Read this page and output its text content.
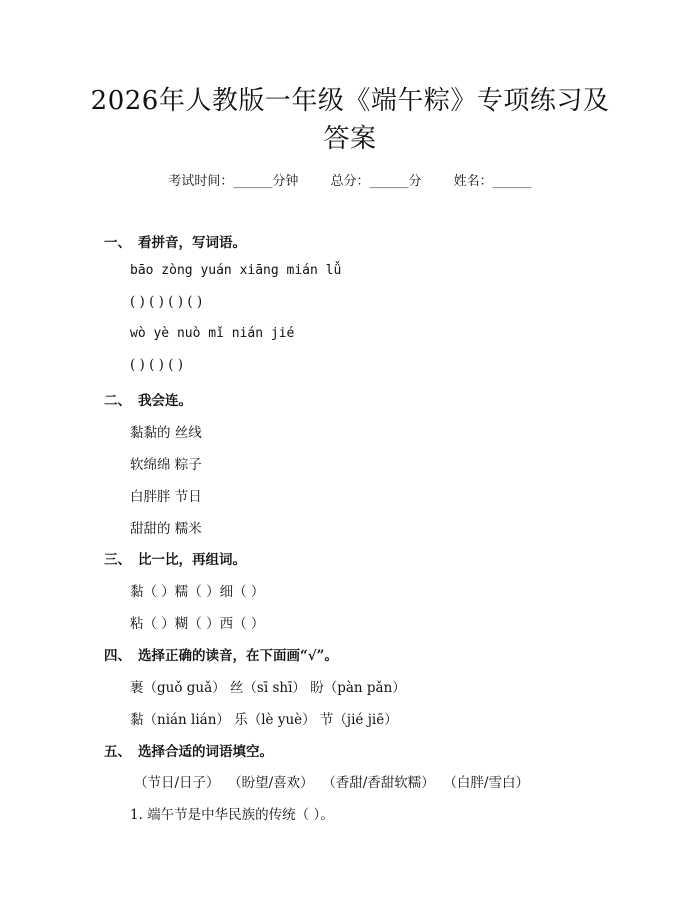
2026年人教版一年级《端午粽》专项练习及
答案
考试时间：______分钟 总分：______分 姓名：______
一、 看拼音，写词语。
bāo zòng yuán xiāng mián lǚ
( ) ( ) ( ) ( )
wò yè nuò mǐ nián jié
( ) ( ) ( )
二、 我会连。
黏黏的 丝线
软绵绵 粽子
白胖胖 节日
甜甜的 糯米
三、 比一比，再组词。
黏（ ）糯（ ）细（ ）
粘（ ）糊（ ）西（ ）
四、 选择正确的读音，在下面画“√”。
裹（guǒ guǎ） 丝（sī shī） 盼（pàn pǎn）
黏（nián lián） 乐（lè yuè） 节（jié jiē）
五、 选择合适的词语填空。
（节日/日子）  （盼望/喜欢）  （香甜/香甜软糯）  （白胖/雪白）
1. 端午节是中华民族的传统（ ）。
